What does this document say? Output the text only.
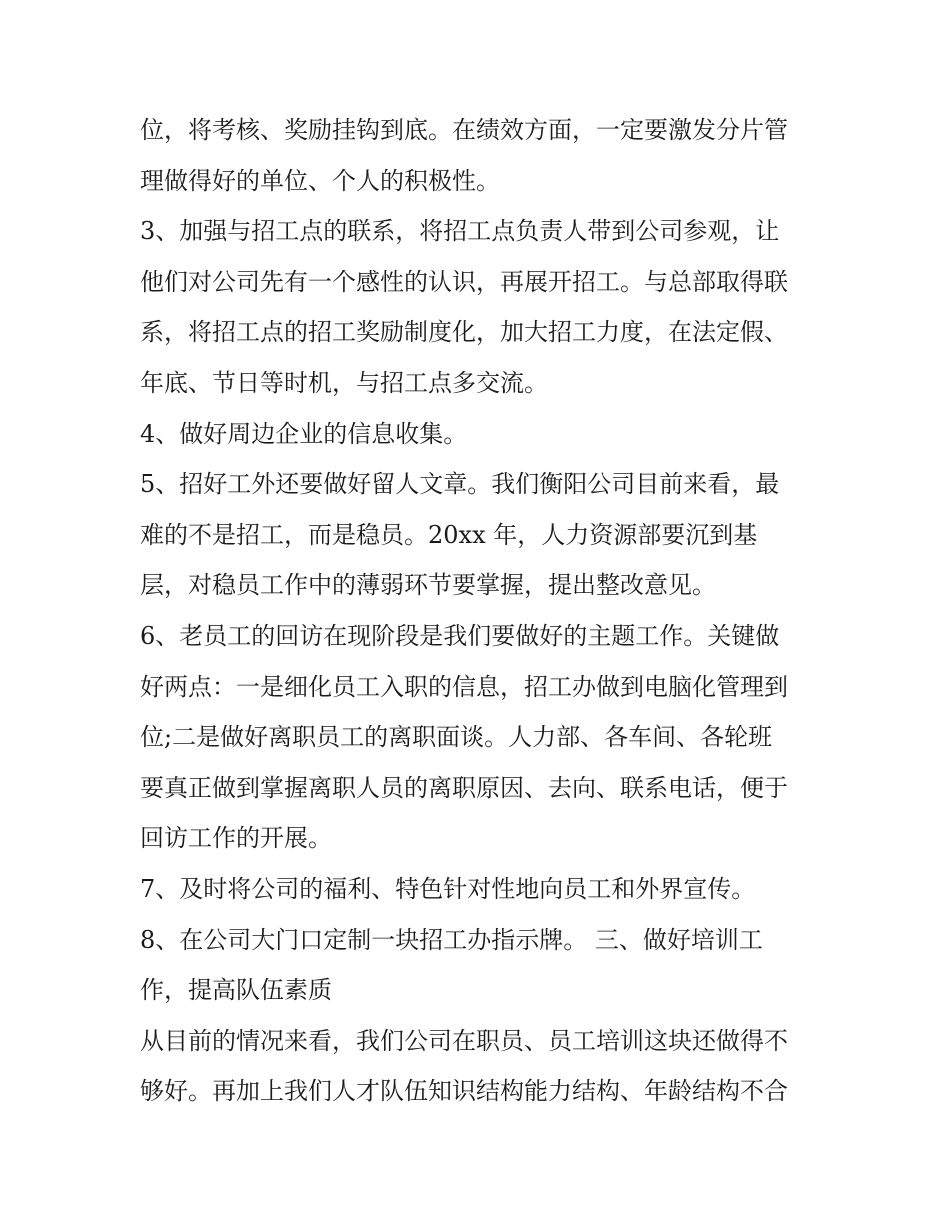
位，将考核、奖励挂钩到底。在绩效方面，一定要激发分片管
理做得好的单位、个人的积极性。
3、加强与招工点的联系，将招工点负责人带到公司参观，让
他们对公司先有一个感性的认识，再展开招工。与总部取得联
系，将招工点的招工奖励制度化，加大招工力度，在法定假、
年底、节日等时机，与招工点多交流。
4、做好周边企业的信息收集。
5、招好工外还要做好留人文章。我们衡阳公司目前来看，最
难的不是招工，而是稳员。20xx 年，人力资源部要沉到基
层，对稳员工作中的薄弱环节要掌握，提出整改意见。
6、老员工的回访在现阶段是我们要做好的主题工作。关键做
好两点：一是细化员工入职的信息，招工办做到电脑化管理到
位;二是做好离职员工的离职面谈。人力部、各车间、各轮班
要真正做到掌握离职人员的离职原因、去向、联系电话，便于
回访工作的开展。
7、及时将公司的福利、特色针对性地向员工和外界宣传。
8、在公司大门口定制一块招工办指示牌。 三、做好培训工
作，提高队伍素质
从目前的情况来看，我们公司在职员、员工培训这块还做得不
够好。再加上我们人才队伍知识结构能力结构、年龄结构不合
